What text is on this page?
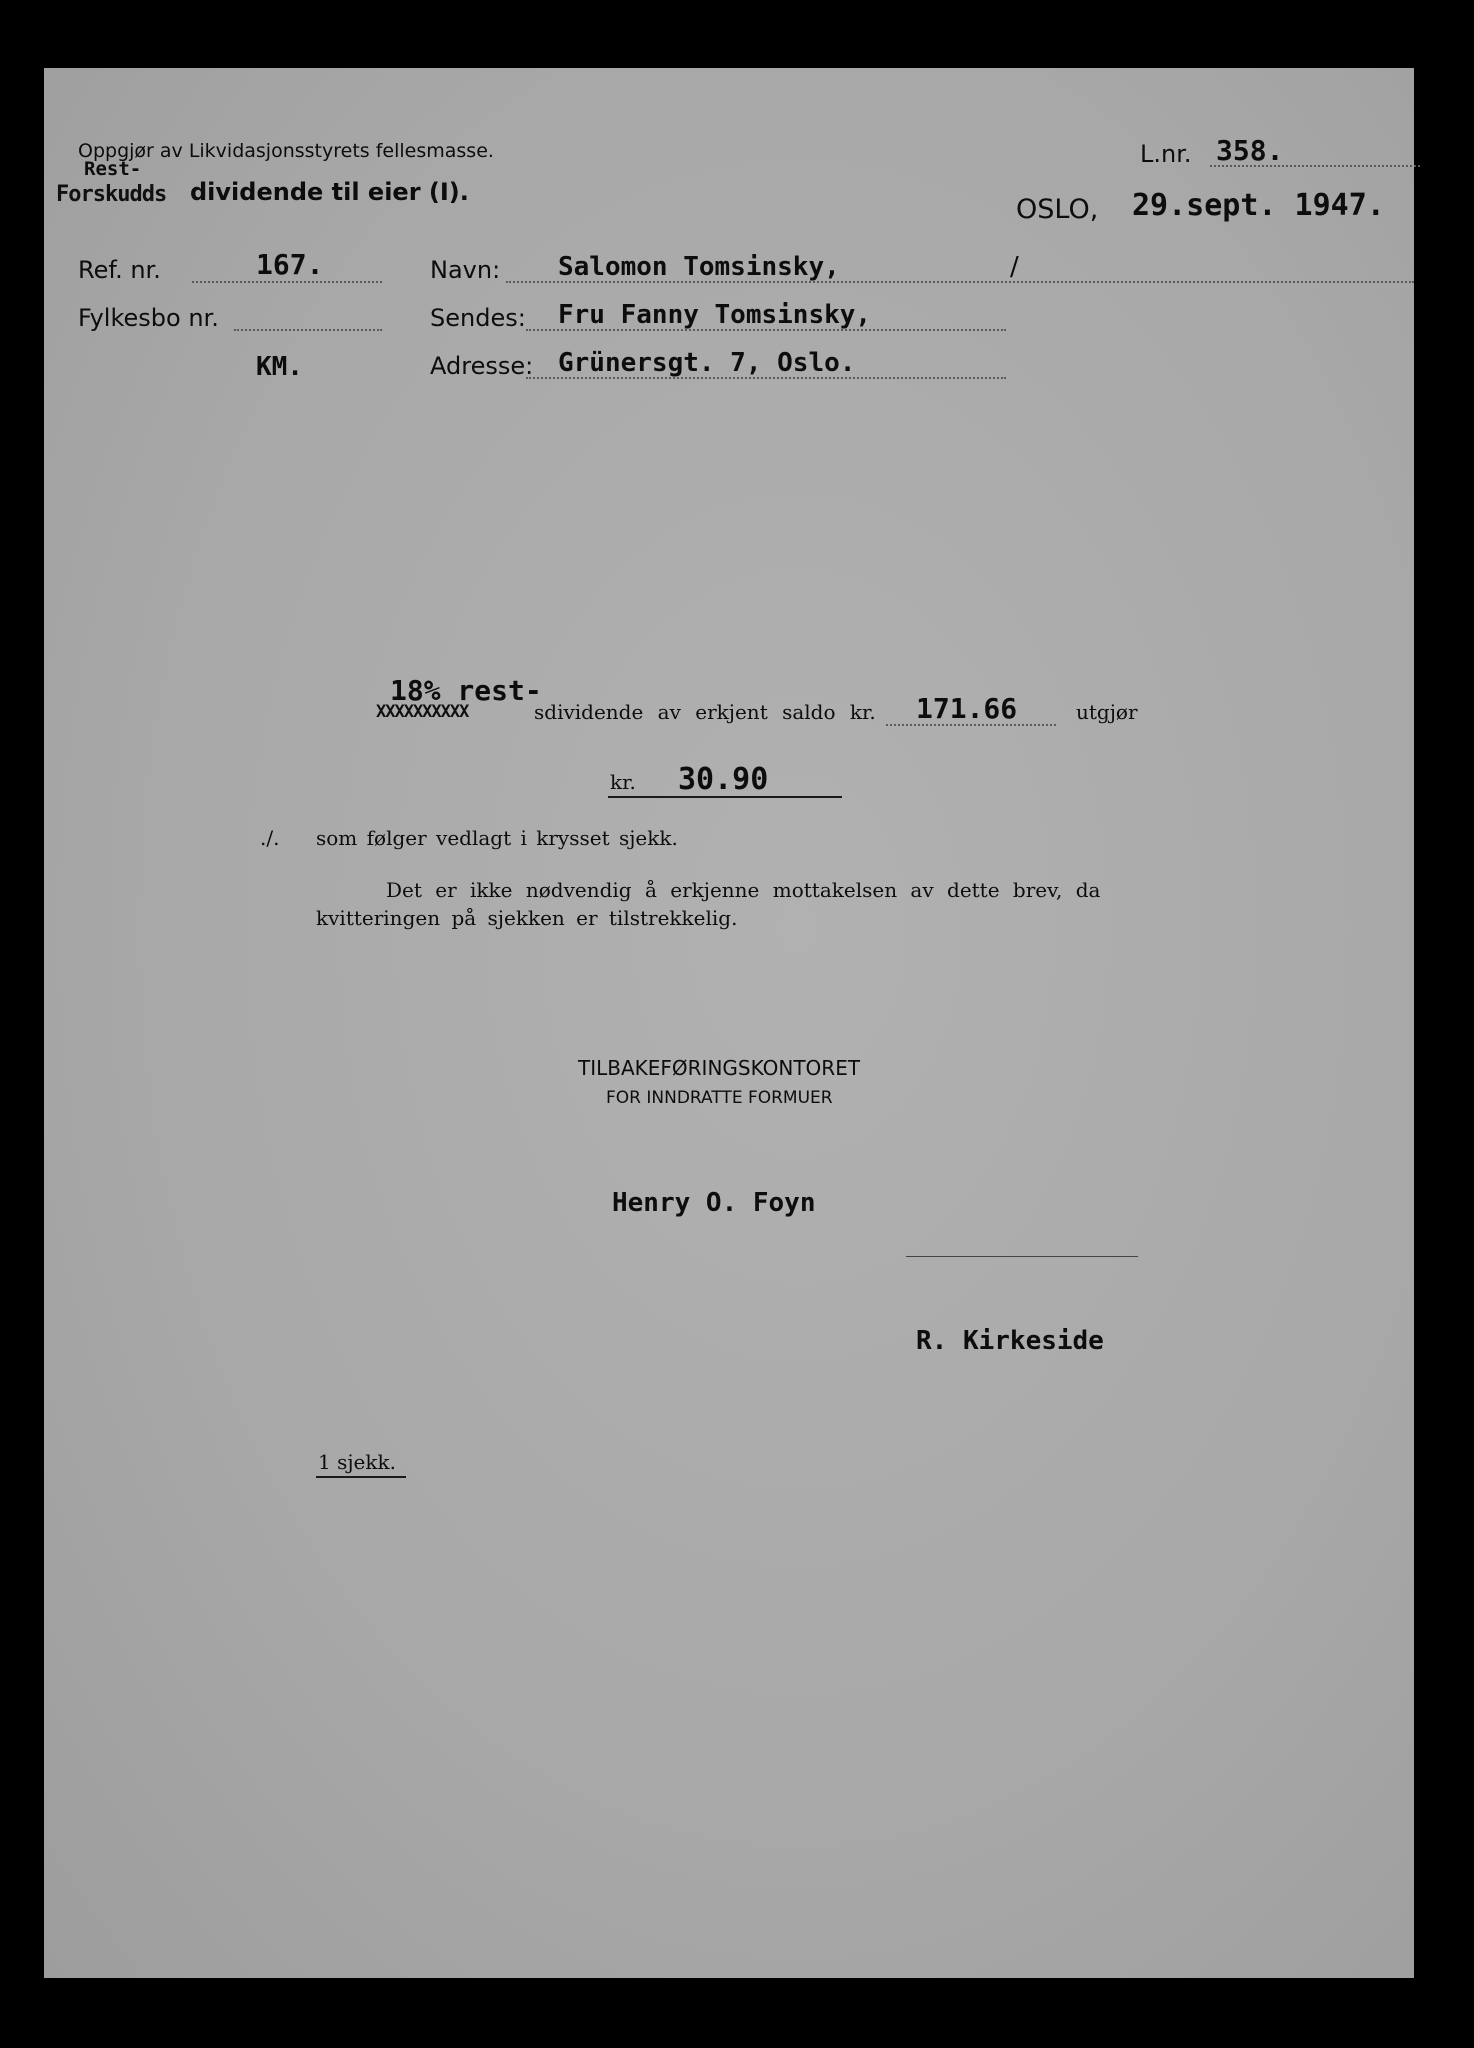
Oppgjør av Likvidasjonsstyrets fellesmasse.
Rest-
Forskudds dividende til eier (I).
L.nr. 358.
OSLO, 29.sept. 1947.
Ref. nr.	167.
Fylkesbo nr.
KM.
Navn: Salomon Tomsinsky,	/
Sendes: Fru Fanny Tomsinsky,
Adresse: Grünersgt. 7, Oslo.
18% rest-
XXXXXXXXXX	sdividende av erkjent saldo kr. 171.66	utgjør
kr. 30.90
./. som følger vedlagt i krysset sjekk.
Det er ikke nødvendig å erkjenne mottakelsen av dette brev, da
kvitteringen på sjekken er tilstrekkelig.
TILBAKEFØRINGSKONTORET
FOR INNDRATTE FORMUER
Henry O. Foyn
R. Kirkeside
1 sjekk.
